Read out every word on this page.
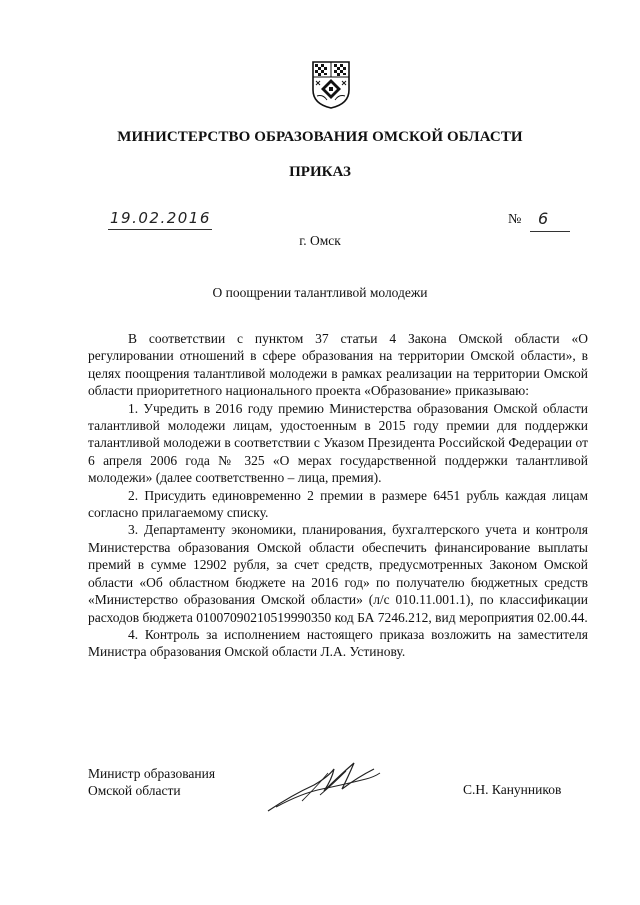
МИНИСТЕРСТВО ОБРАЗОВАНИЯ ОМСКОЙ ОБЛАСТИ
ПРИКАЗ
19.02.2016	№ 6
г. Омск
О поощрении талантливой молодежи

В соответствии с пунктом 37 статьи 4 Закона Омской области «О регулировании отношений в сфере образования на территории Омской области», в целях поощрения талантливой молодежи в рамках реализации на территории Омской области приоритетного национального проекта «Образование» приказываю:

1. Учредить в 2016 году премию Министерства образования Омской области талантливой молодежи лицам, удостоенным в 2015 году премии для поддержки талантливой молодежи в соответствии с Указом Президента Российской Федерации от 6 апреля 2006 года № 325 «О мерах государственной поддержки талантливой молодежи» (далее соответственно – лица, премия).

2. Присудить единовременно 2 премии в размере 6451 рубль каждая лицам согласно прилагаемому списку.

3. Департаменту экономики, планирования, бухгалтерского учета и контроля Министерства образования Омской области обеспечить финансирование выплаты премий в сумме 12902 рубля, за счет средств, предусмотренных Законом Омской области «Об областном бюджете на 2016 год» по получателю бюджетных средств «Министерство образования Омской области» (л/с 010.11.001.1), по классификации расходов бюджета 01007090210519990350 код БА 7246.212, вид мероприятия 02.00.44.

4. Контроль за исполнением настоящего приказа возложить на заместителя Министра образования Омской области Л.А. Устинову.

Министр образования
Омской области	С.Н. Канунников
